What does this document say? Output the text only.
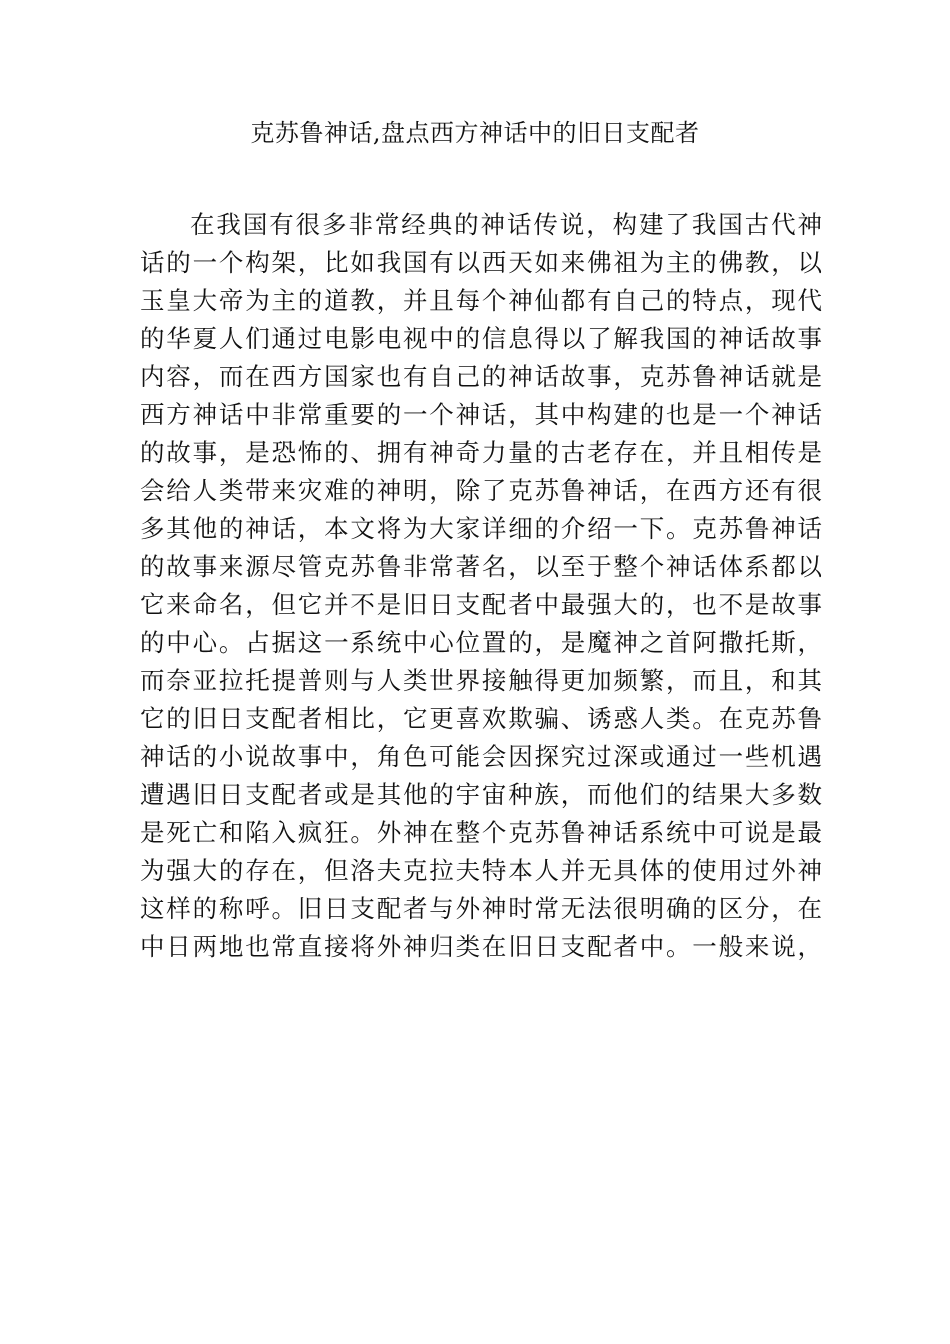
克苏鲁神话,盘点西方神话中的旧日支配者
在我国有很多非常经典的神话传说，构建了我国古代神
话的一个构架，比如我国有以西天如来佛祖为主的佛教，以
玉皇大帝为主的道教，并且每个神仙都有自己的特点，现代
的华夏人们通过电影电视中的信息得以了解我国的神话故事
内容，而在西方国家也有自己的神话故事，克苏鲁神话就是
西方神话中非常重要的一个神话，其中构建的也是一个神话
的故事，是恐怖的、拥有神奇力量的古老存在，并且相传是
会给人类带来灾难的神明，除了克苏鲁神话，在西方还有很
多其他的神话，本文将为大家详细的介绍一下。克苏鲁神话
的故事来源尽管克苏鲁非常著名，以至于整个神话体系都以
它来命名，但它并不是旧日支配者中最强大的，也不是故事
的中心。占据这一系统中心位置的，是魔神之首阿撒托斯，
而奈亚拉托提普则与人类世界接触得更加频繁，而且，和其
它的旧日支配者相比，它更喜欢欺骗、诱惑人类。在克苏鲁
神话的小说故事中，角色可能会因探究过深或通过一些机遇
遭遇旧日支配者或是其他的宇宙种族，而他们的结果大多数
是死亡和陷入疯狂。外神在整个克苏鲁神话系统中可说是最
为强大的存在，但洛夫克拉夫特本人并无具体的使用过外神
这样的称呼。旧日支配者与外神时常无法很明确的区分，在
中日两地也常直接将外神归类在旧日支配者中。一般来说，
